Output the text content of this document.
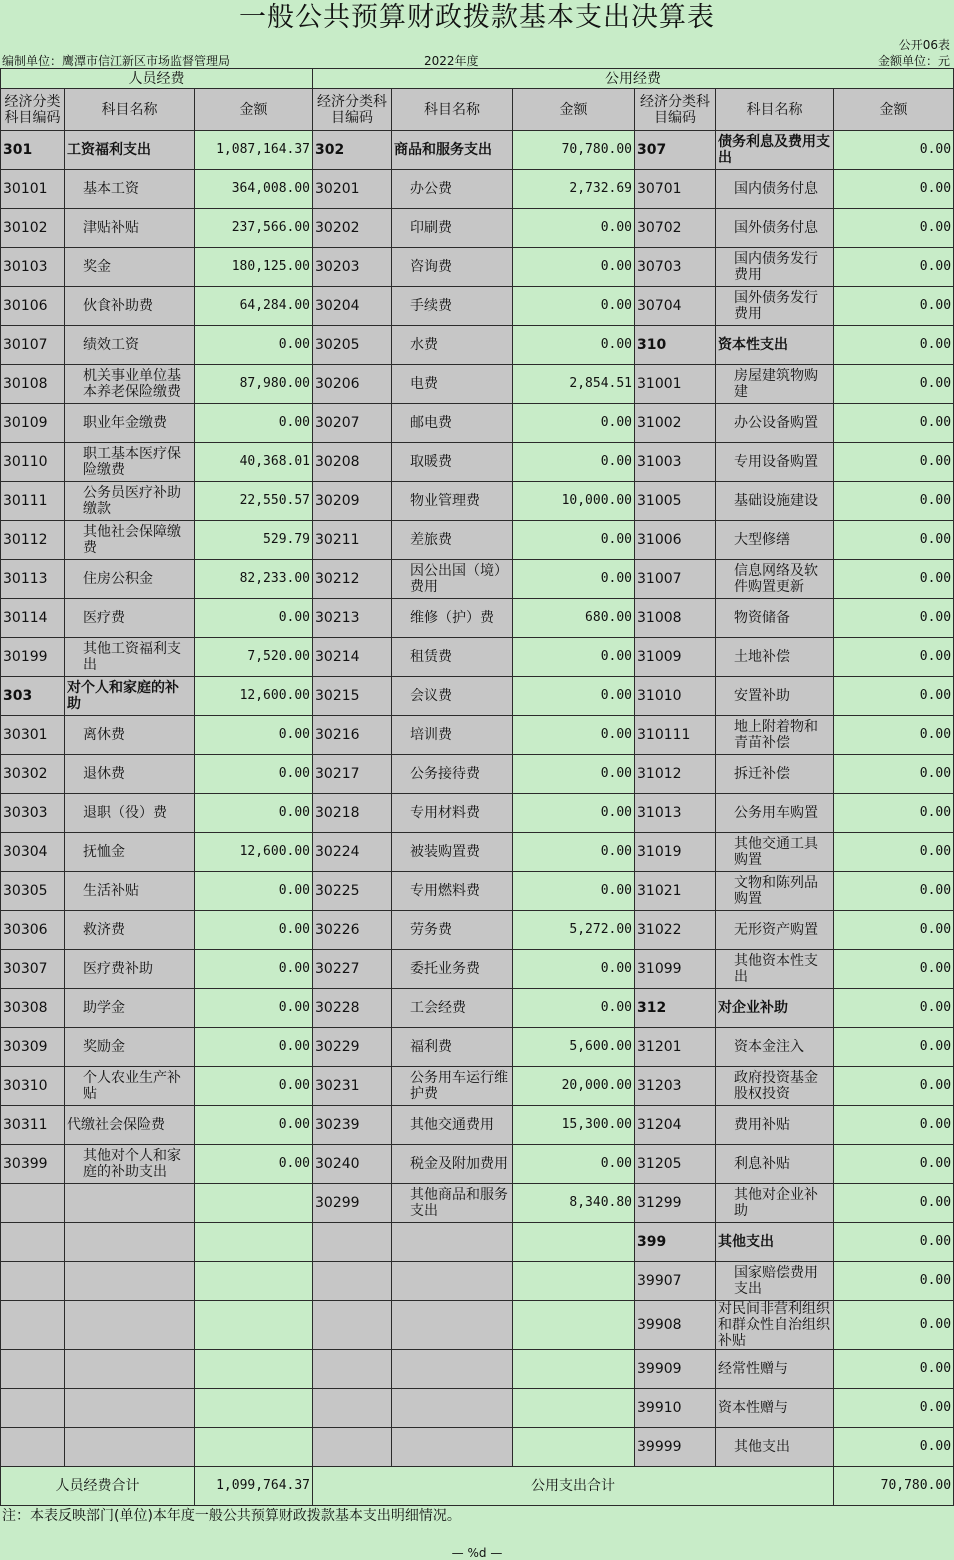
一般公共预算财政拨款基本支出决算表
公开06表
编制单位：鹰潭市信江新区市场监督管理局	2022年度	金额单位：元
人员经费			公用经费					
经济分类科目编码	科目名称	金额	经济分类科目编码	科目名称	金额	经济分类科目编码	科目名称	金额
301	工资福利支出	1,087,164.37	302	商品和服务支出	70,780.00	307	债务利息及费用支出	0.00
30101	基本工资	364,008.00	30201	办公费	2,732.69	30701	国内债务付息	0.00
30102	津贴补贴	237,566.00	30202	印刷费	0.00	30702	国外债务付息	0.00
30103	奖金	180,125.00	30203	咨询费	0.00	30703	国内债务发行费用	0.00
30106	伙食补助费	64,284.00	30204	手续费	0.00	30704	国外债务发行费用	0.00
30107	绩效工资	0.00	30205	水费	0.00	310	资本性支出	0.00
30108	机关事业单位基本养老保险缴费	87,980.00	30206	电费	2,854.51	31001	房屋建筑物购建	0.00
30109	职业年金缴费	0.00	30207	邮电费	0.00	31002	办公设备购置	0.00
30110	职工基本医疗保险缴费	40,368.01	30208	取暖费	0.00	31003	专用设备购置	0.00
30111	公务员医疗补助缴款	22,550.57	30209	物业管理费	10,000.00	31005	基础设施建设	0.00
30112	其他社会保障缴费	529.79	30211	差旅费	0.00	31006	大型修缮	0.00
30113	住房公积金	82,233.00	30212	因公出国（境）费用	0.00	31007	信息网络及软件购置更新	0.00
30114	医疗费	0.00	30213	维修（护）费	680.00	31008	物资储备	0.00
30199	其他工资福利支出	7,520.00	30214	租赁费	0.00	31009	土地补偿	0.00
303	对个人和家庭的补助	12,600.00	30215	会议费	0.00	31010	安置补助	0.00
30301	离休费	0.00	30216	培训费	0.00	310111	地上附着物和青苗补偿	0.00
30302	退休费	0.00	30217	公务接待费	0.00	31012	拆迁补偿	0.00
30303	退职（役）费	0.00	30218	专用材料费	0.00	31013	公务用车购置	0.00
30304	抚恤金	12,600.00	30224	被装购置费	0.00	31019	其他交通工具购置	0.00
30305	生活补贴	0.00	30225	专用燃料费	0.00	31021	文物和陈列品购置	0.00
30306	救济费	0.00	30226	劳务费	5,272.00	31022	无形资产购置	0.00
30307	医疗费补助	0.00	30227	委托业务费	0.00	31099	其他资本性支出	0.00
30308	助学金	0.00	30228	工会经费	0.00	312	对企业补助	0.00
30309	奖励金	0.00	30229	福利费	5,600.00	31201	资本金注入	0.00
30310	个人农业生产补贴	0.00	30231	公务用车运行维护费	20,000.00	31203	政府投资基金股权投资	0.00
30311	代缴社会保险费	0.00	30239	其他交通费用	15,300.00	31204	费用补贴	0.00
30399	其他对个人和家庭的补助支出	0.00	30240	税金及附加费用	0.00	31205	利息补贴	0.00
			30299	其他商品和服务支出	8,340.80	31299	其他对企业补助	0.00
						399	其他支出	0.00
						39907	国家赔偿费用支出	0.00
						39908	对民间非营利组织和群众性自治组织补贴	0.00
						39909	经常性赠与	0.00
						39910	资本性赠与	0.00
						39999	其他支出	0.00
人员经费合计		1,099,764.37	公用支出合计					70,780.00
注：本表反映部门(单位)本年度一般公共预算财政拨款基本支出明细情况。
— %d —
